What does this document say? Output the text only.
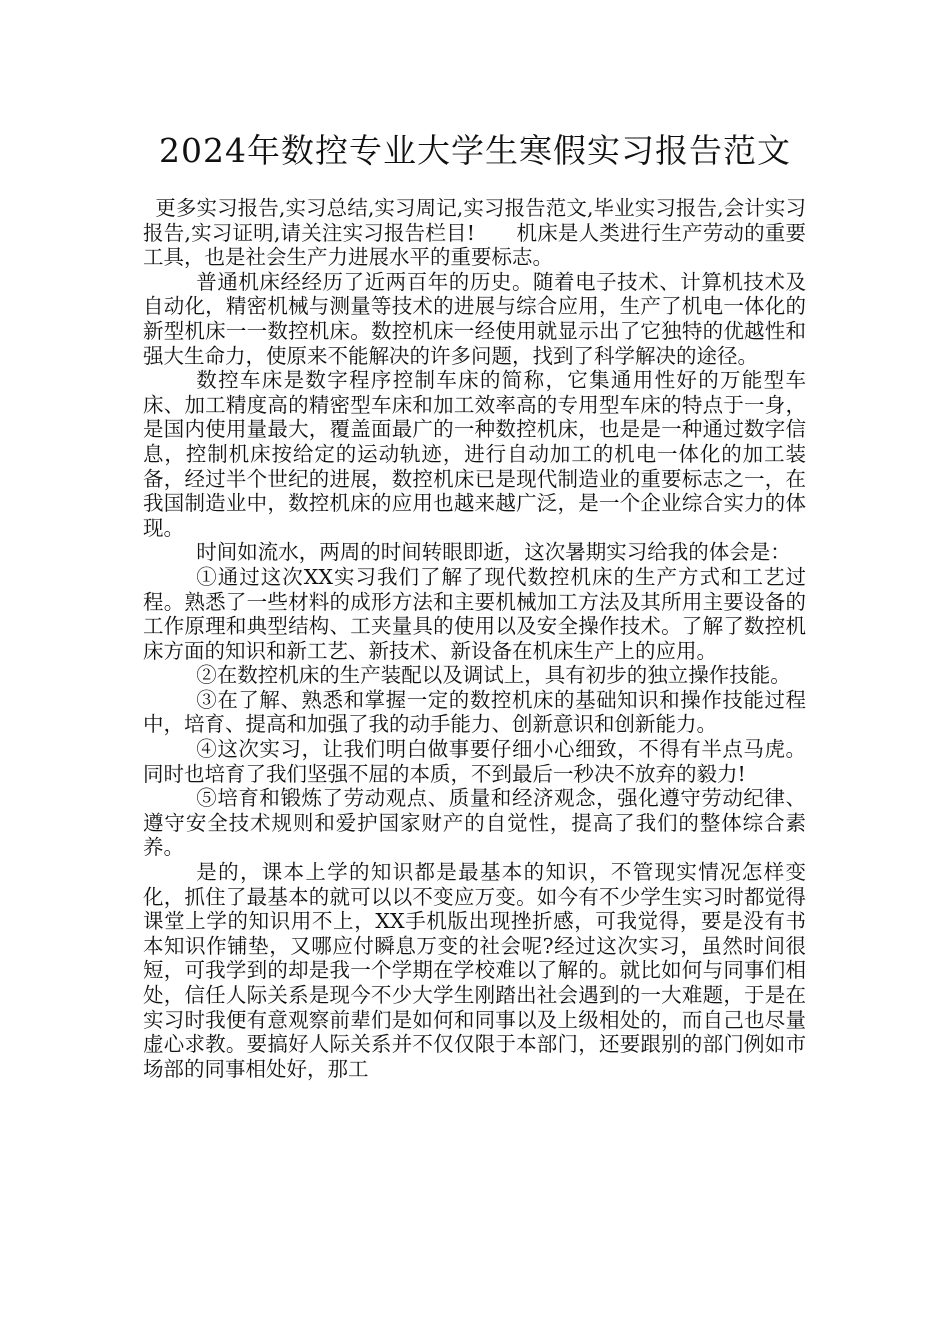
2024年数控专业大学生寒假实习报告范文

更多实习报告,实习总结,实习周记,实习报告范文,毕业实习报告,会计实习报告,实习证明,请关注实习报告栏目!　　机床是人类进行生产劳动的重要工具，也是社会生产力进展水平的重要标志。

普通机床经经历了近两百年的历史。随着电子技术、计算机技术及自动化，精密机械与测量等技术的进展与综合应用，生产了机电一体化的新型机床一一数控机床。数控机床一经使用就显示出了它独特的优越性和强大生命力，使原来不能解决的许多问题，找到了科学解决的途径。

数控车床是数字程序控制车床的简称，它集通用性好的万能型车床、加工精度高的精密型车床和加工效率高的专用型车床的特点于一身，是国内使用量最大，覆盖面最广的一种数控机床，也是是一种通过数字信息，控制机床按给定的运动轨迹，进行自动加工的机电一体化的加工装备，经过半个世纪的进展，数控机床已是现代制造业的重要标志之一，在我国制造业中，数控机床的应用也越来越广泛，是一个企业综合实力的体现。

时间如流水，两周的时间转眼即逝，这次暑期实习给我的体会是：

①通过这次XX实习我们了解了现代数控机床的生产方式和工艺过程。熟悉了一些材料的成形方法和主要机械加工方法及其所用主要设备的工作原理和典型结构、工夹量具的使用以及安全操作技术。了解了数控机床方面的知识和新工艺、新技术、新设备在机床生产上的应用。

②在数控机床的生产装配以及调试上，具有初步的独立操作技能。

③在了解、熟悉和掌握一定的数控机床的基础知识和操作技能过程中，培育、提高和加强了我的动手能力、创新意识和创新能力。

④这次实习，让我们明白做事要仔细小心细致，不得有半点马虎。同时也培育了我们坚强不屈的本质，不到最后一秒决不放弃的毅力!

⑤培育和锻炼了劳动观点、质量和经济观念，强化遵守劳动纪律、遵守安全技术规则和爱护国家财产的自觉性，提高了我们的整体综合素养。

是的，课本上学的知识都是最基本的知识，不管现实情况怎样变化，抓住了最基本的就可以以不变应万变。如今有不少学生实习时都觉得课堂上学的知识用不上，XX手机版出现挫折感，可我觉得，要是没有书本知识作铺垫，又哪应付瞬息万变的社会呢?经过这次实习，虽然时间很短，可我学到的却是我一个学期在学校难以了解的。就比如何与同事们相处，信任人际关系是现今不少大学生刚踏出社会遇到的一大难题，于是在实习时我便有意观察前辈们是如何和同事以及上级相处的，而自己也尽量虚心求教。要搞好人际关系并不仅仅限于本部门，还要跟别的部门例如市场部的同事相处好，那工
